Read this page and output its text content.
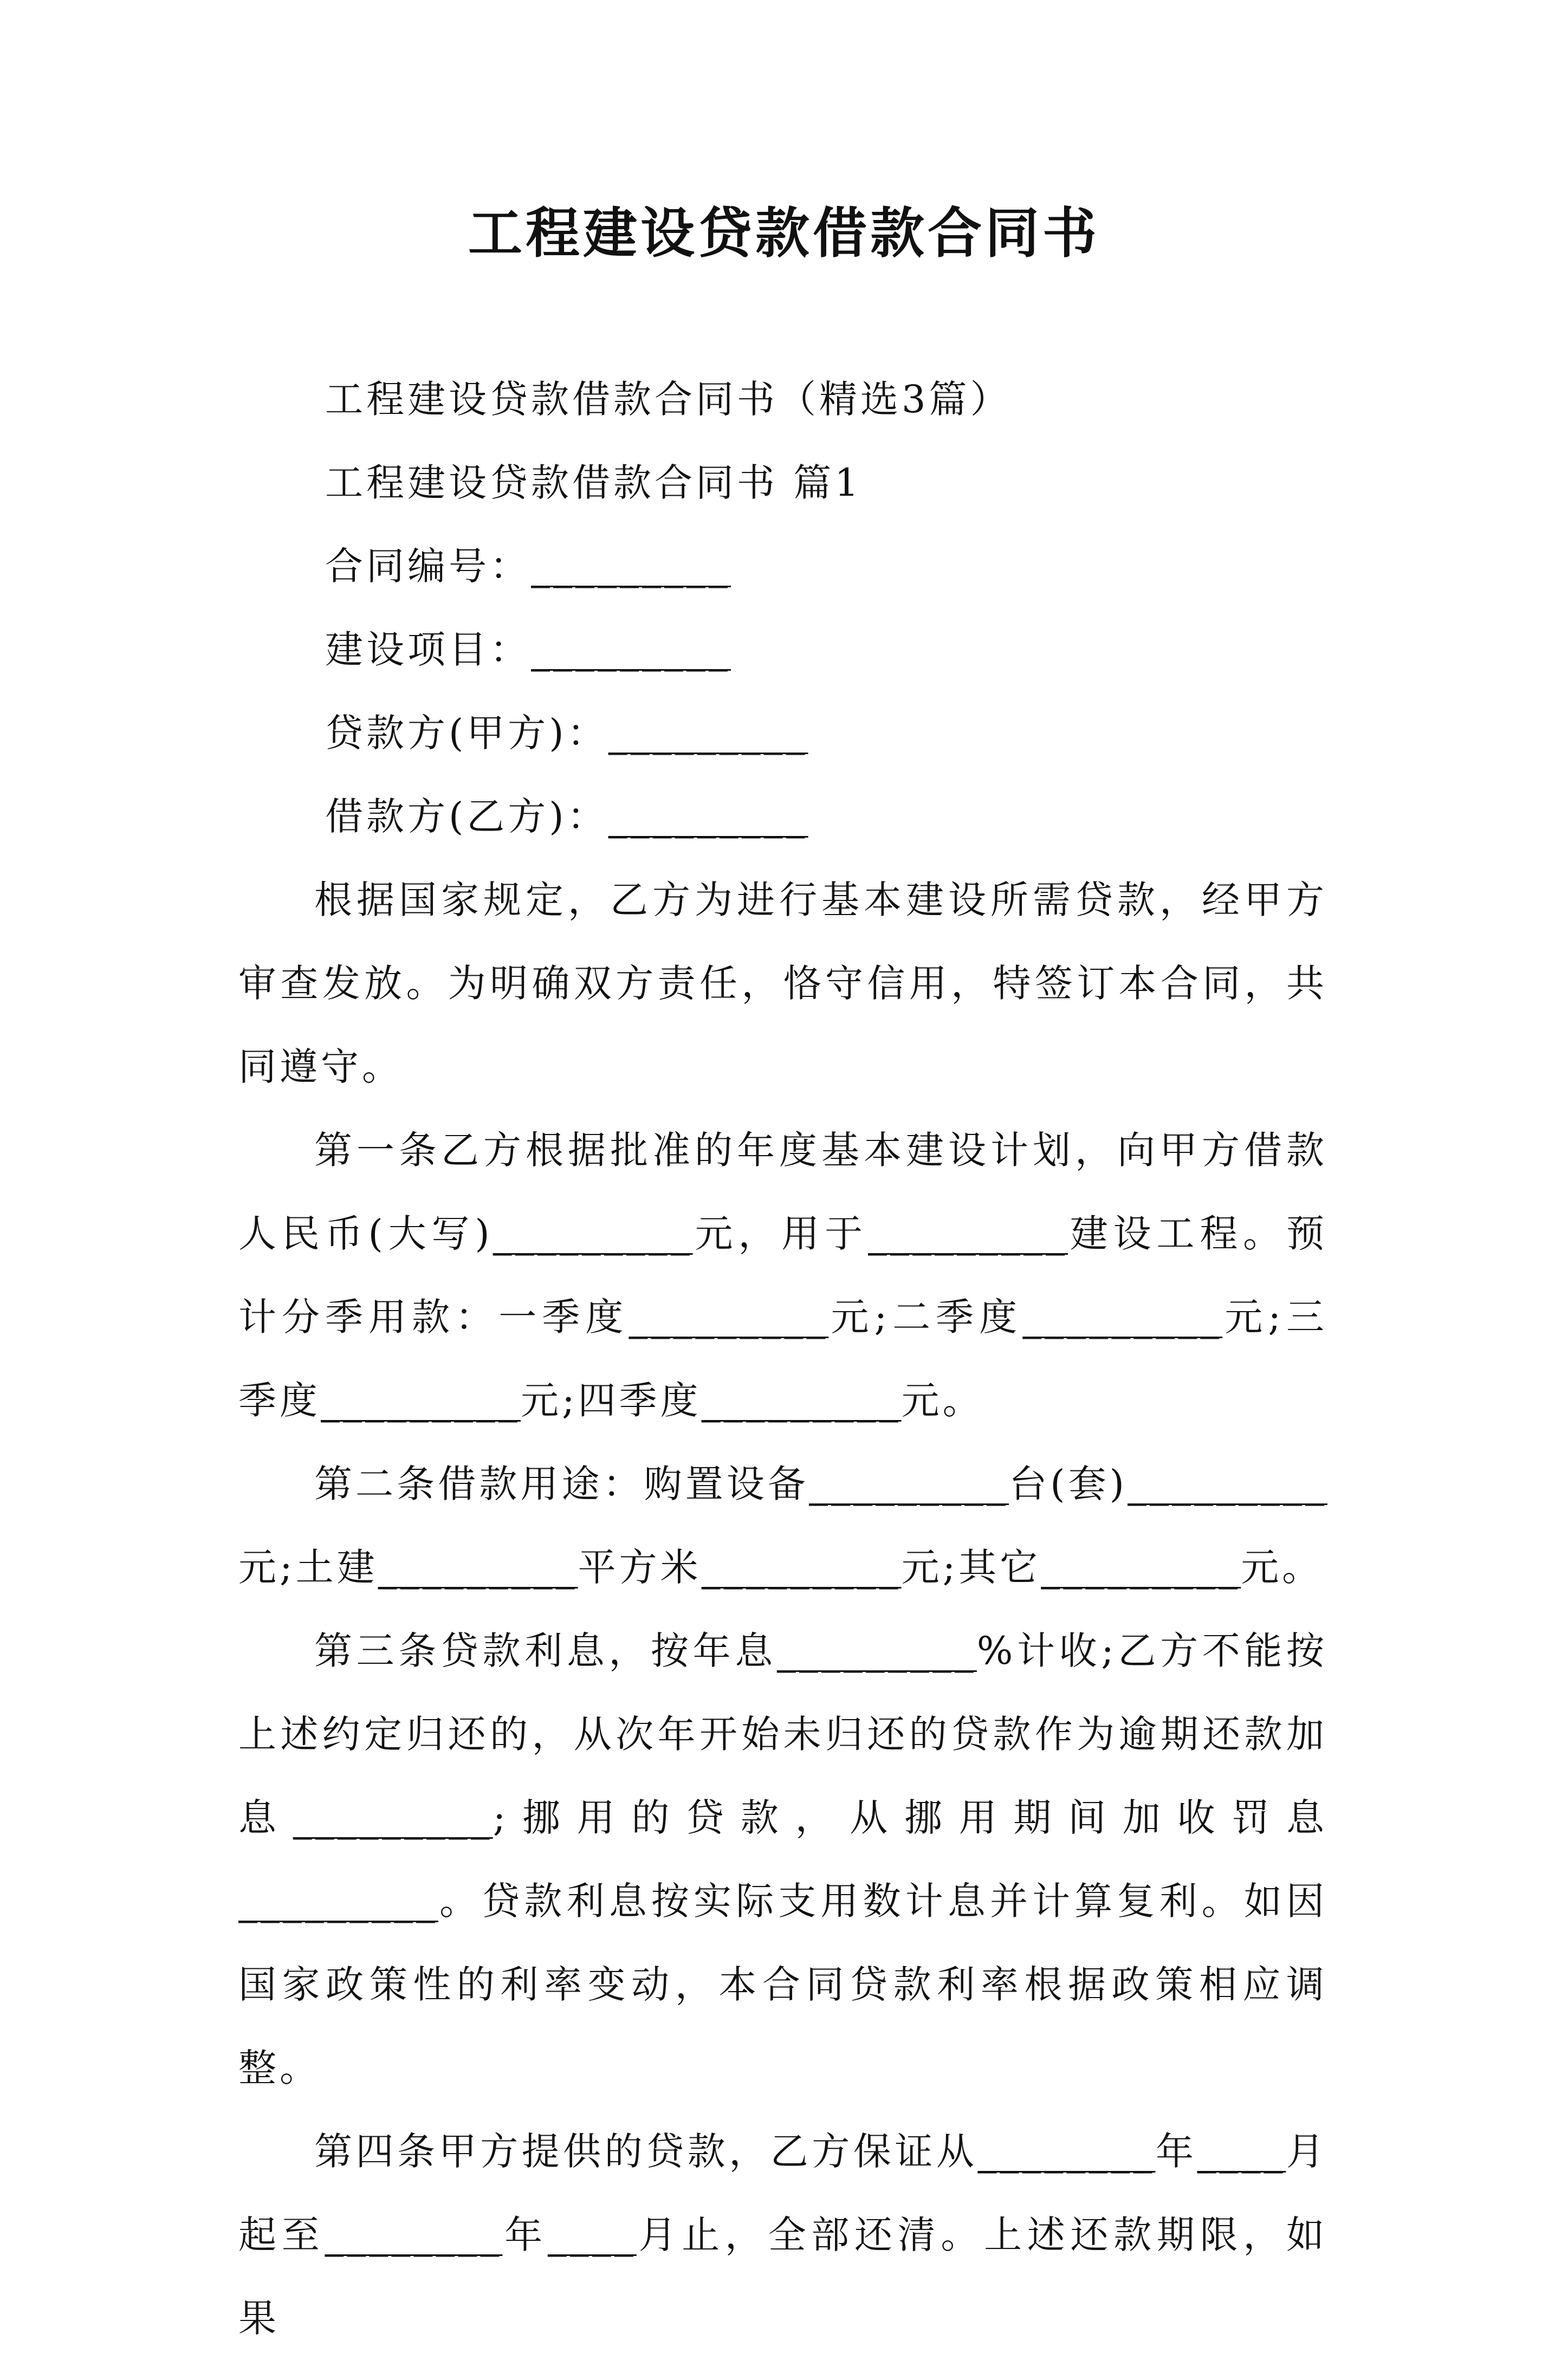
工程建设贷款借款合同书

工程建设贷款借款合同书（精选3篇）

工程建设贷款借款合同书 篇1

合同编号：_________

建设项目：_________

贷款方(甲方)：_________

借款方(乙方)：_________

根据国家规定，乙方为进行基本建设所需贷款，经甲方审查发放。为明确双方责任，恪守信用，特签订本合同，共同遵守。

第一条乙方根据批准的年度基本建设计划，向甲方借款人民币(大写)_________元，用于_________建设工程。预计分季用款：一季度_________元;二季度_________元;三季度_________元;四季度_________元。

第二条借款用途：购置设备_________台(套)_________元;土建_________平方米_________元;其它_________元。

第三条贷款利息，按年息_________%计收;乙方不能按上述约定归还的，从次年开始未归还的贷款作为逾期还款加息_________;挪用的贷款，从挪用期间加收罚息_________。贷款利息按实际支用数计息并计算复利。如因国家政策性的利率变动，本合同贷款利率根据政策相应调整。

第四条甲方提供的贷款，乙方保证从________年____月起至________年____月止，全部还清。上述还款期限，如果
